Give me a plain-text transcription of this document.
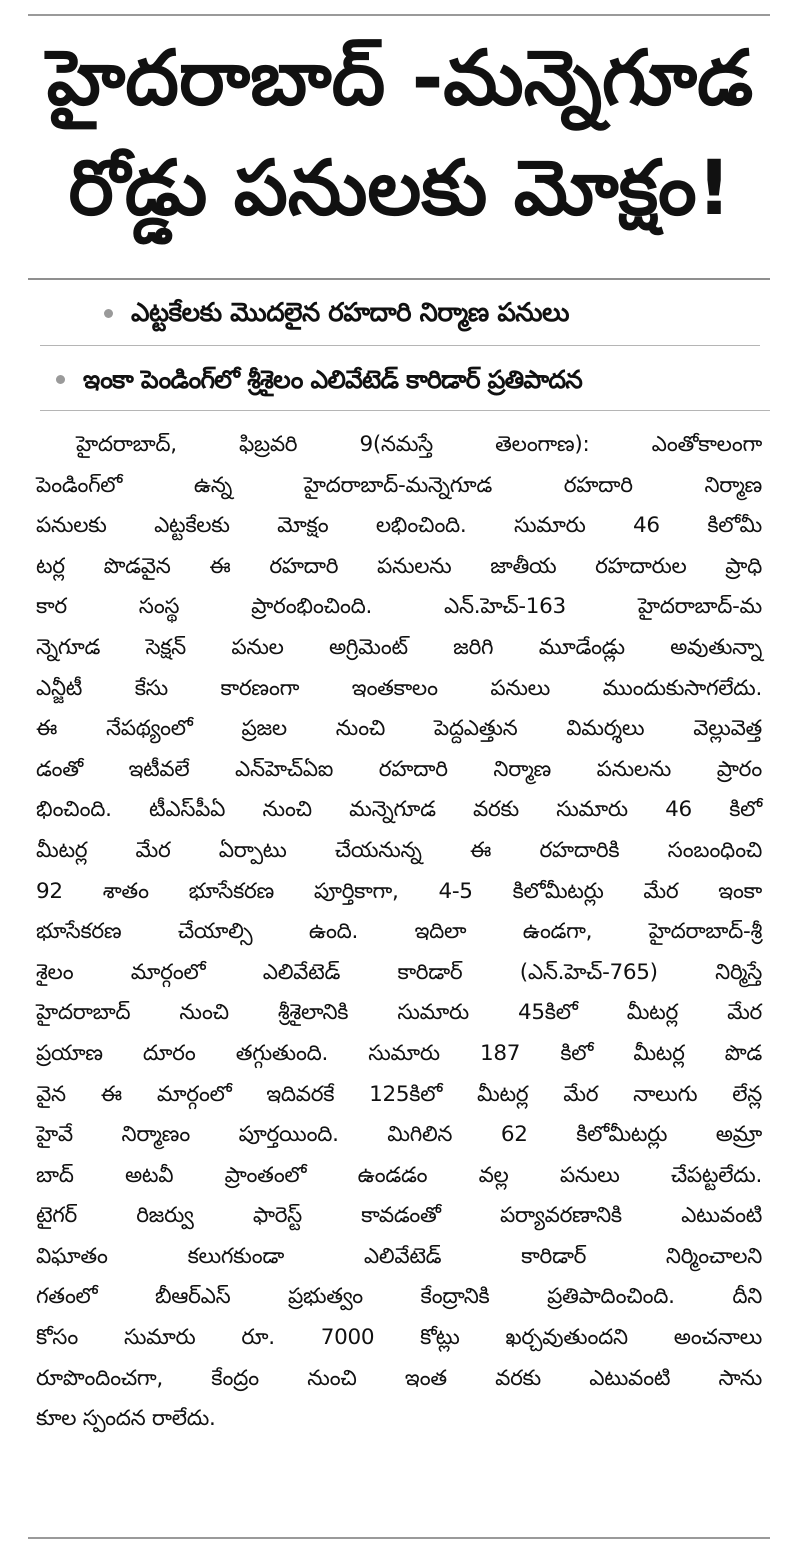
హైదరాబాద్ -మన్నెగూడ
రోడ్డు పనులకు మోక్షం!
ఎట్టకేలకు మొదలైన రహదారి నిర్మాణ పనులు
ఇంకా పెండింగ్‌లో శ్రీశైలం ఎలివేటెడ్ కారిడార్ ప్రతిపాదన
హైదరాబాద్, ఫిబ్రవరి 9(నమస్తే తెలంగాణ): ఎంతోకాలంగా
పెండింగ్‌లో ఉన్న హైదరాబాద్-మన్నెగూడ రహదారి నిర్మాణ
పనులకు ఎట్టకేలకు మోక్షం లభించింది. సుమారు 46 కిలోమీ
టర్ల పొడవైన ఈ రహదారి పనులను జాతీయ రహదారుల ప్రాధి
కార సంస్థ ప్రారంభించింది. ఎన్.హెచ్-163 హైదరాబాద్-మ
న్నెగూడ సెక్షన్ పనుల అగ్రిమెంట్ జరిగి మూడేండ్లు అవుతున్నా
ఎన్జీటీ కేసు కారణంగా ఇంతకాలం పనులు ముందుకుసాగలేదు.
ఈ నేపథ్యంలో ప్రజల నుంచి పెద్దఎత్తున విమర్శలు వెల్లువెత్త
డంతో ఇటీవలే ఎన్‌హెచ్ఏఐ రహదారి నిర్మాణ పనులను ప్రారం
భించింది. టీఎస్‌పీఏ నుంచి మన్నెగూడ వరకు సుమారు 46 కిలో
మీటర్ల మేర ఏర్పాటు చేయనున్న ఈ రహదారికి సంబంధించి
92 శాతం భూసేకరణ పూర్తికాగా, 4-5 కిలోమీటర్లు మేర ఇంకా
భూసేకరణ చేయాల్సి ఉంది. ఇదిలా ఉండగా, హైదరాబాద్-శ్రీ
శైలం మార్గంలో ఎలివేటెడ్ కారిడార్ (ఎన్.హెచ్-765) నిర్మిస్తే
హైదరాబాద్ నుంచి శ్రీశైలానికి సుమారు 45కిలో మీటర్ల మేర
ప్రయాణ దూరం తగ్గుతుంది. సుమారు 187 కిలో మీటర్ల పొడ
వైన ఈ మార్గంలో ఇదివరకే 125కిలో మీటర్ల మేర నాలుగు లేన్ల
హైవే నిర్మాణం పూర్తయింది. మిగిలిన 62 కిలోమీటర్లు అమ్రా
బాద్ అటవీ ప్రాంతంలో ఉండడం వల్ల పనులు చేపట్టలేదు.
టైగర్ రిజర్వు ఫారెస్ట్ కావడంతో పర్యావరణానికి ఎటువంటి
విఘాతం కలుగకుండా ఎలివేటెడ్ కారిడార్ నిర్మించాలని
గతంలో బీఆర్ఎస్ ప్రభుత్వం కేంద్రానికి ప్రతిపాదించింది. దీని
కోసం సుమారు రూ. 7000 కోట్లు ఖర్చవుతుందని అంచనాలు
రూపొందించగా, కేంద్రం నుంచి ఇంత వరకు ఎటువంటి సాను
కూల స్పందన రాలేదు.
